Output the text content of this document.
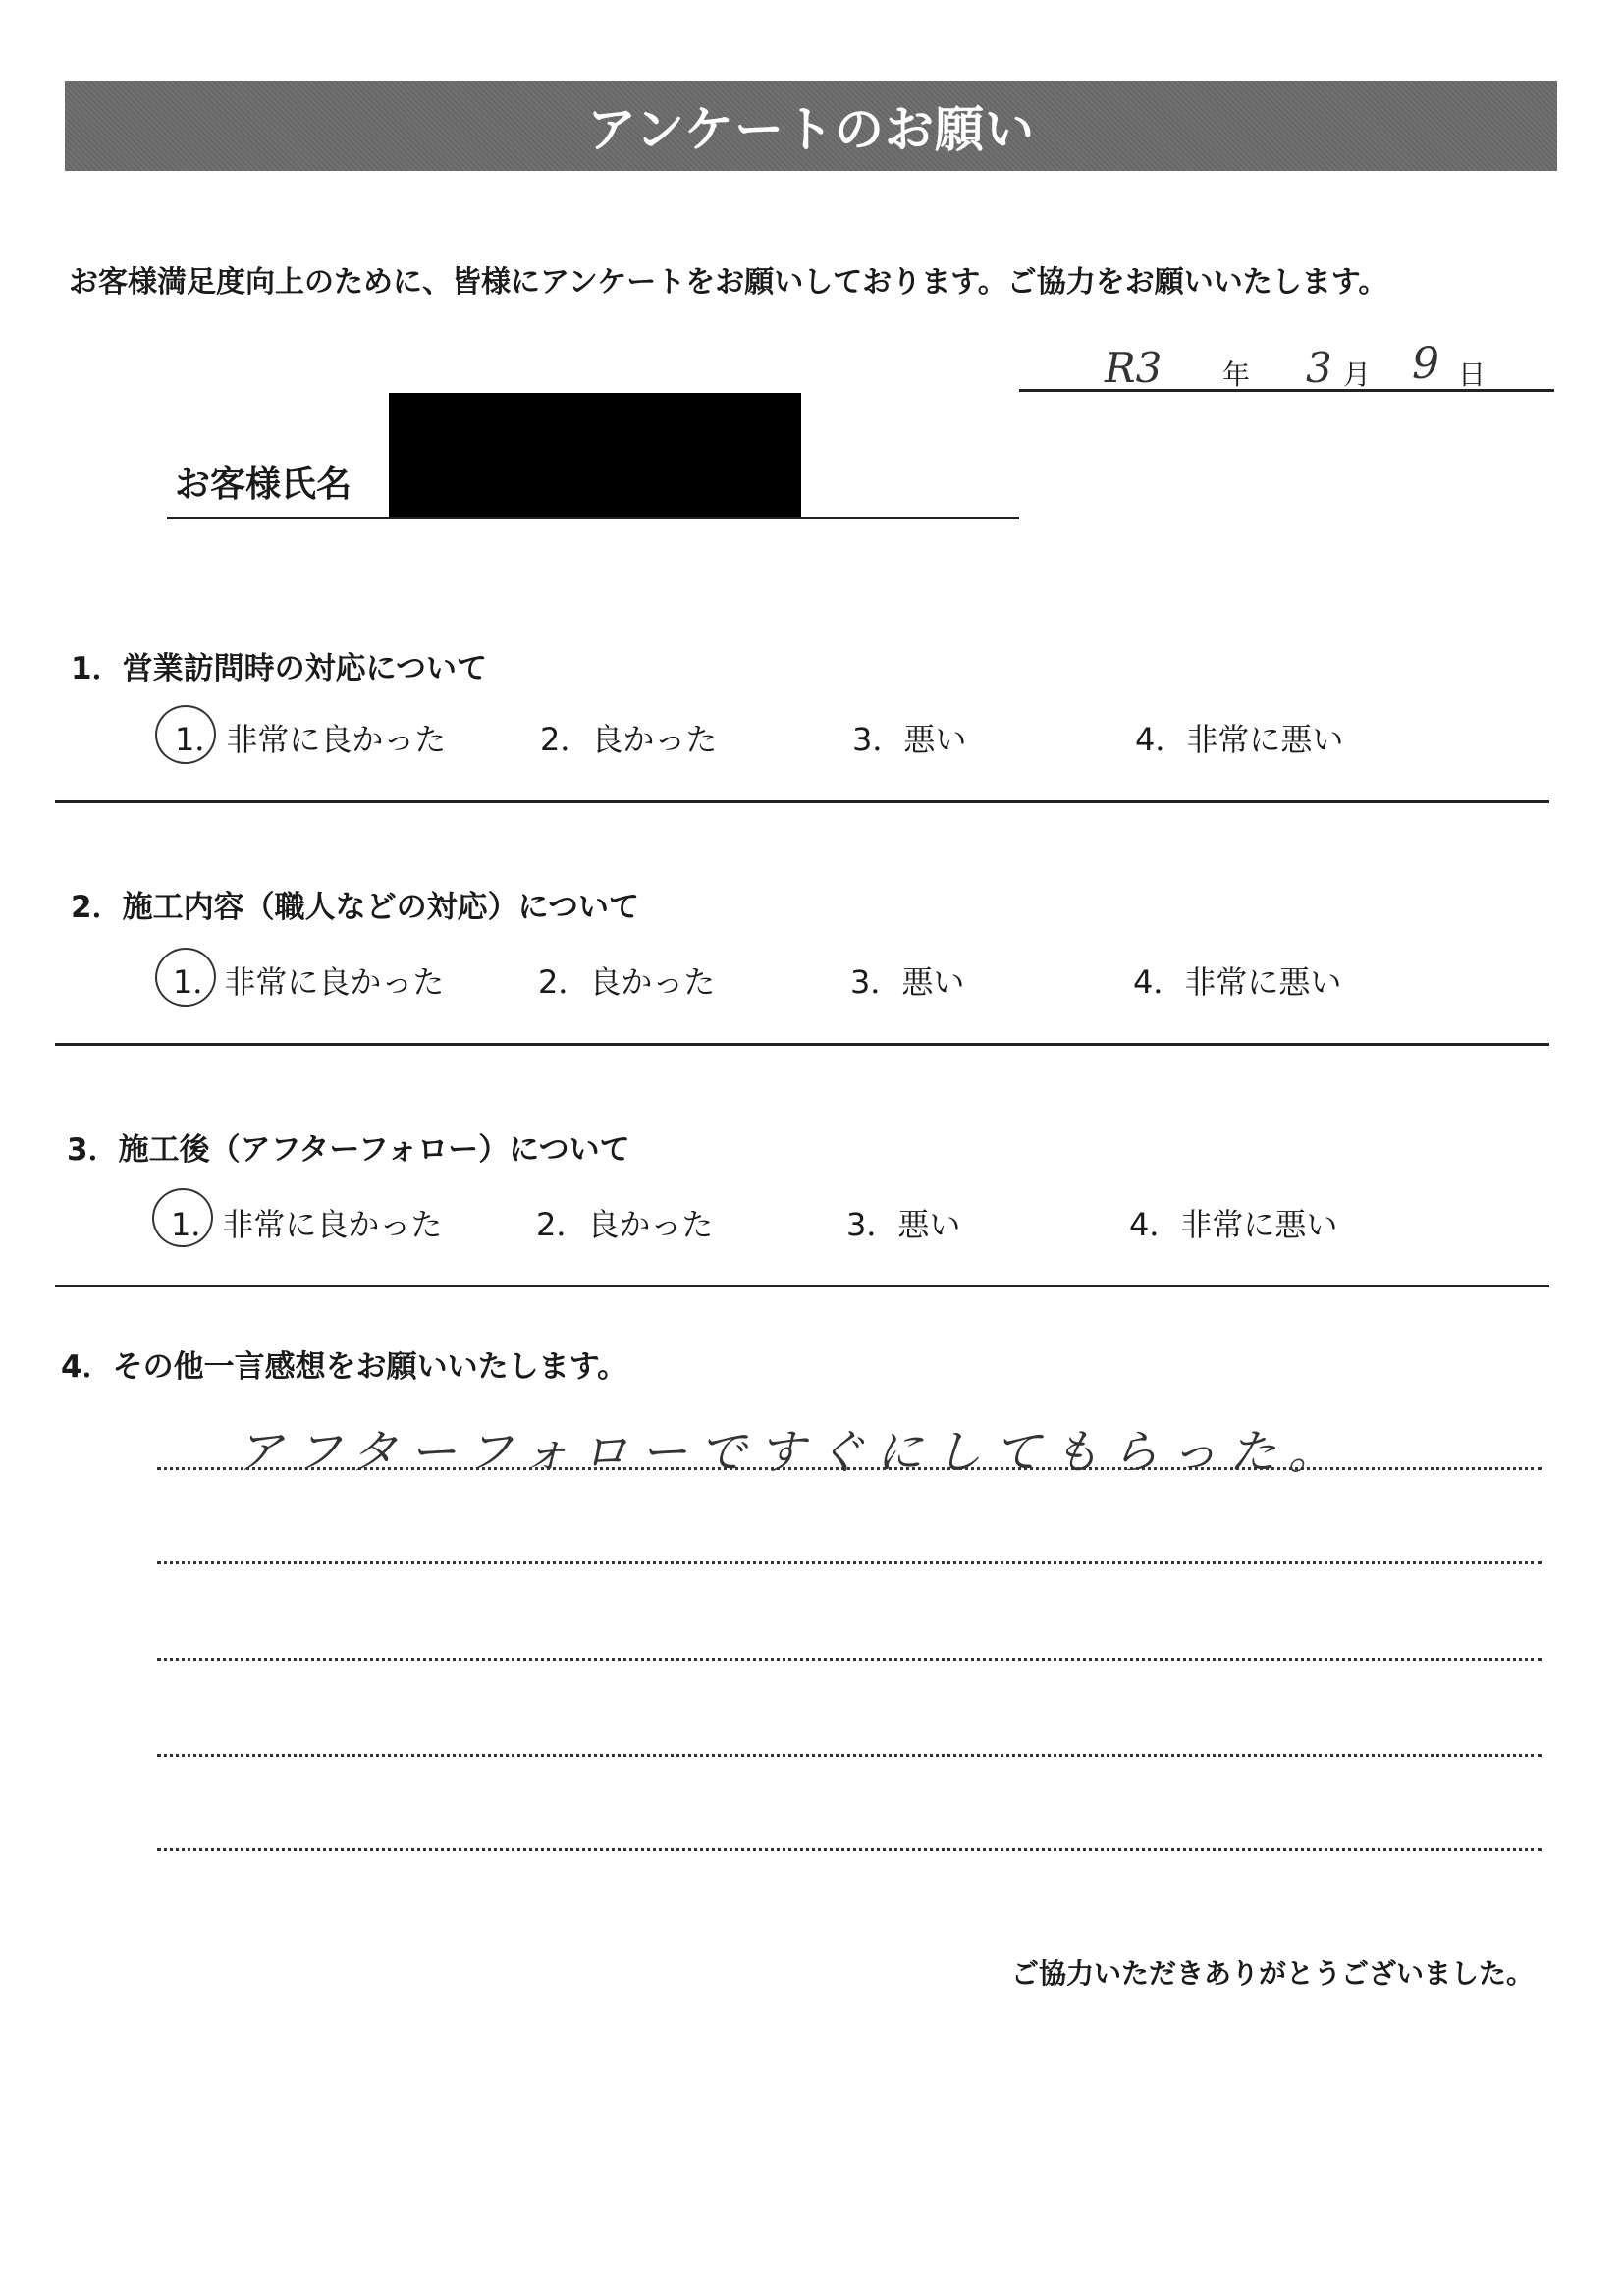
アンケートのお願い
お客様満足度向上のために、皆様にアンケートをお願いしております。ご協力をお願いいたします。
R3 年 3 月 9 日
お客様氏名
1．営業訪問時の対応について
1．非常に良かった	2．良かった	3．悪い	4．非常に悪い
2．施工内容（職人などの対応）について
1．非常に良かった	2．良かった	3．悪い	4．非常に悪い
3．施工後（アフターフォロー）について
1．非常に良かった	2．良かった	3．悪い	4．非常に悪い
4．その他一言感想をお願いいたします。
アフターフォローですぐにしてもらった。
ご協力いただきありがとうございました。
